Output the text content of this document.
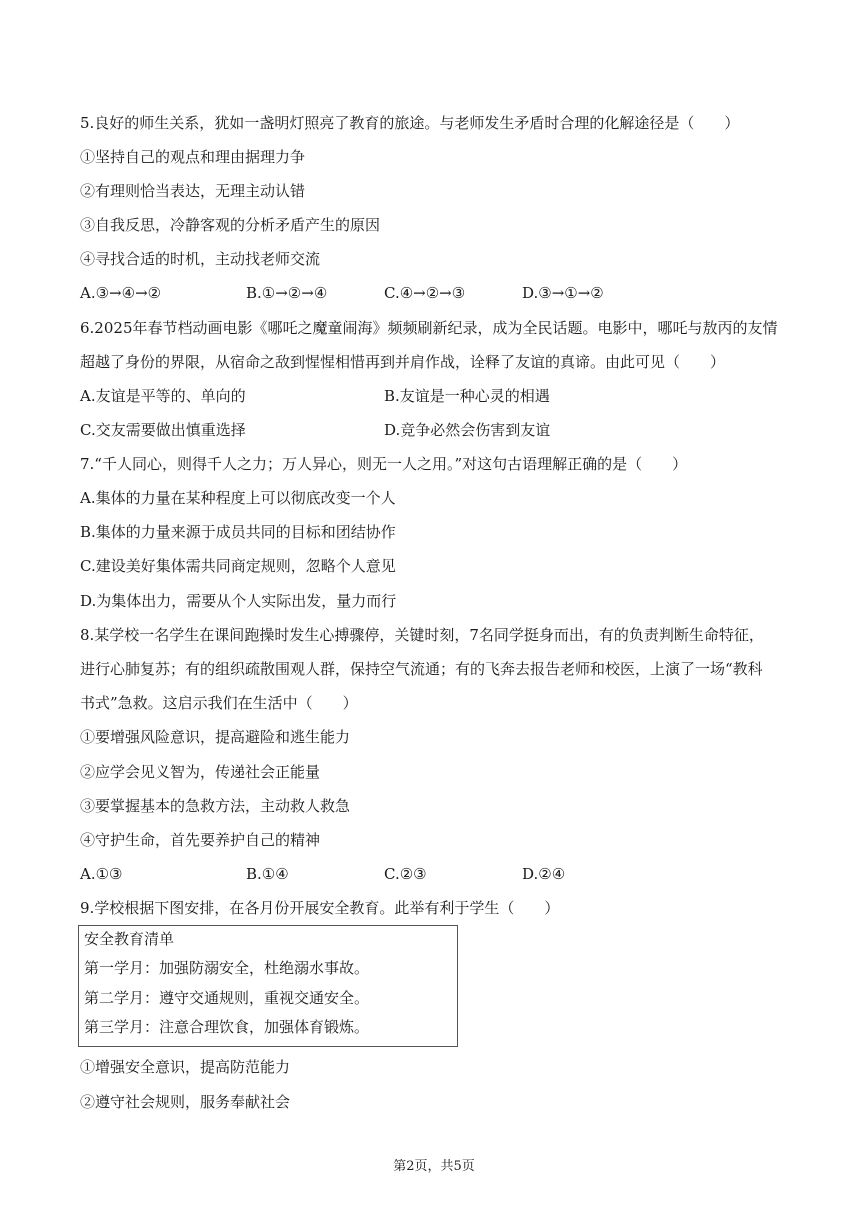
5.良好的师生关系，犹如一盏明灯照亮了教育的旅途。与老师发生矛盾时合理的化解途径是（　　）
①坚持自己的观点和理由据理力争
②有理则恰当表达，无理主动认错
③自我反思，冷静客观的分析矛盾产生的原因
④寻找合适的时机，主动找老师交流
A.③→④→②	B.①→②→④	C.④→②→③	D.③→①→②
6.2025年春节档动画电影《哪吒之魔童闹海》频频刷新纪录，成为全民话题。电影中，哪吒与敖丙的友情
超越了身份的界限，从宿命之敌到惺惺相惜再到并肩作战，诠释了友谊的真谛。由此可见（　　）
A.友谊是平等的、单向的	B.友谊是一种心灵的相遇
C.交友需要做出慎重选择	D.竞争必然会伤害到友谊
7.“千人同心，则得千人之力；万人异心，则无一人之用。”对这句古语理解正确的是（　　）
A.集体的力量在某种程度上可以彻底改变一个人
B.集体的力量来源于成员共同的目标和团结协作
C.建设美好集体需共同商定规则，忽略个人意见
D.为集体出力，需要从个人实际出发，量力而行
8.某学校一名学生在课间跑操时发生心搏骤停，关键时刻，7名同学挺身而出，有的负责判断生命特征，
进行心肺复苏；有的组织疏散围观人群，保持空气流通；有的飞奔去报告老师和校医，上演了一场“教科
书式”急救。这启示我们在生活中（　　）
①要增强风险意识，提高避险和逃生能力
②应学会见义智为，传递社会正能量
③要掌握基本的急救方法，主动救人救急
④守护生命，首先要养护自己的精神
A.①③	B.①④	C.②③	D.②④
9.学校根据下图安排，在各月份开展安全教育。此举有利于学生（　　）
安全教育清单
第一学月：加强防溺安全，杜绝溺水事故。
第二学月：遵守交通规则，重视交通安全。
第三学月：注意合理饮食，加强体育锻炼。
①增强安全意识，提高防范能力
②遵守社会规则，服务奉献社会
第2页，共5页
